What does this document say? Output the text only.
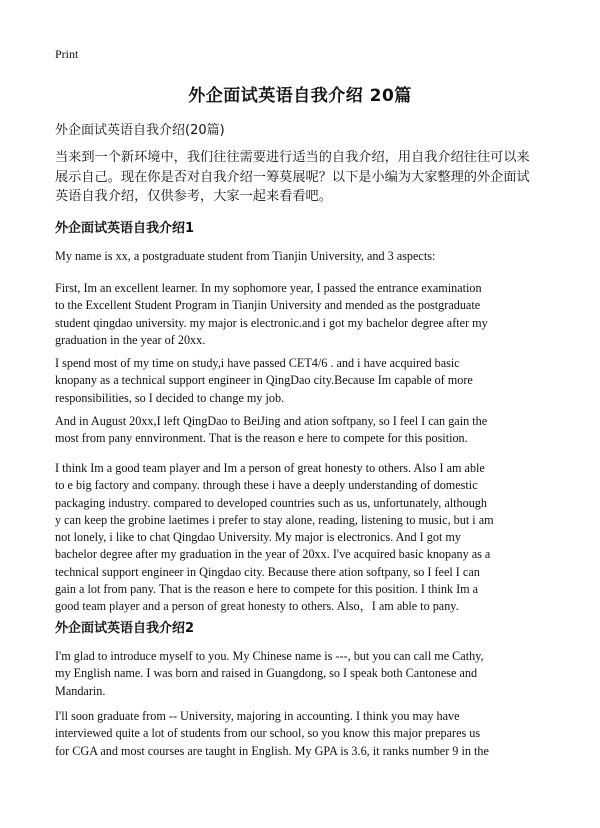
Print
外企面试英语自我介绍 20篇
外企面试英语自我介绍(20篇)
当来到一个新环境中，我们往往需要进行适当的自我介绍，用自我介绍往往可以来
展示自己。现在你是否对自我介绍一筹莫展呢？以下是小编为大家整理的外企面试
英语自我介绍，仅供参考，大家一起来看看吧。
外企面试英语自我介绍1
My name is xx, a postgraduate student from Tianjin University, and 3 aspects:
First, Im an excellent learner. In my sophomore year, I passed the entrance examination
to the Excellent Student Program in Tianjin University and mended as the postgraduate
student qingdao university. my major is electronic.and i got my bachelor degree after my
graduation in the year of 20xx.
I spend most of my time on study,i have passed CET4/6 . and i have acquired basic
knopany as a technical support engineer in QingDao city.Because Im capable of more
responsibilities, so I decided to change my job.
And in August 20xx,I left QingDao to BeiJing and ation softpany, so I feel I can gain the
most from pany ennvironment. That is the reason e here to compete for this position.
I think Im a good team player and Im a person of great honesty to others. Also I am able
to e big factory and company. through these i have a deeply understanding of domestic
packaging industry. compared to developed countries such as us, unfortunately, although
y can keep the grobine laetimes i prefer to stay alone, reading, listening to music, but i am
not lonely, i like to chat Qingdao University. My major is electronics. And I got my
bachelor degree after my graduation in the year of 20xx. I've acquired basic knopany as a
technical support engineer in Qingdao city. Because there ation softpany, so I feel I can
gain a lot from pany. That is the reason e here to compete for this position. I think Im a
good team player and a person of great honesty to others. Also，I am able to pany.
外企面试英语自我介绍2
I'm glad to introduce myself to you. My Chinese name is ---, but you can call me Cathy,
my English name. I was born and raised in Guangdong, so I speak both Cantonese and
Mandarin.
I'll soon graduate from -- University, majoring in accounting. I think you may have
interviewed quite a lot of students from our school, so you know this major prepares us
for CGA and most courses are taught in English. My GPA is 3.6, it ranks number 9 in the
